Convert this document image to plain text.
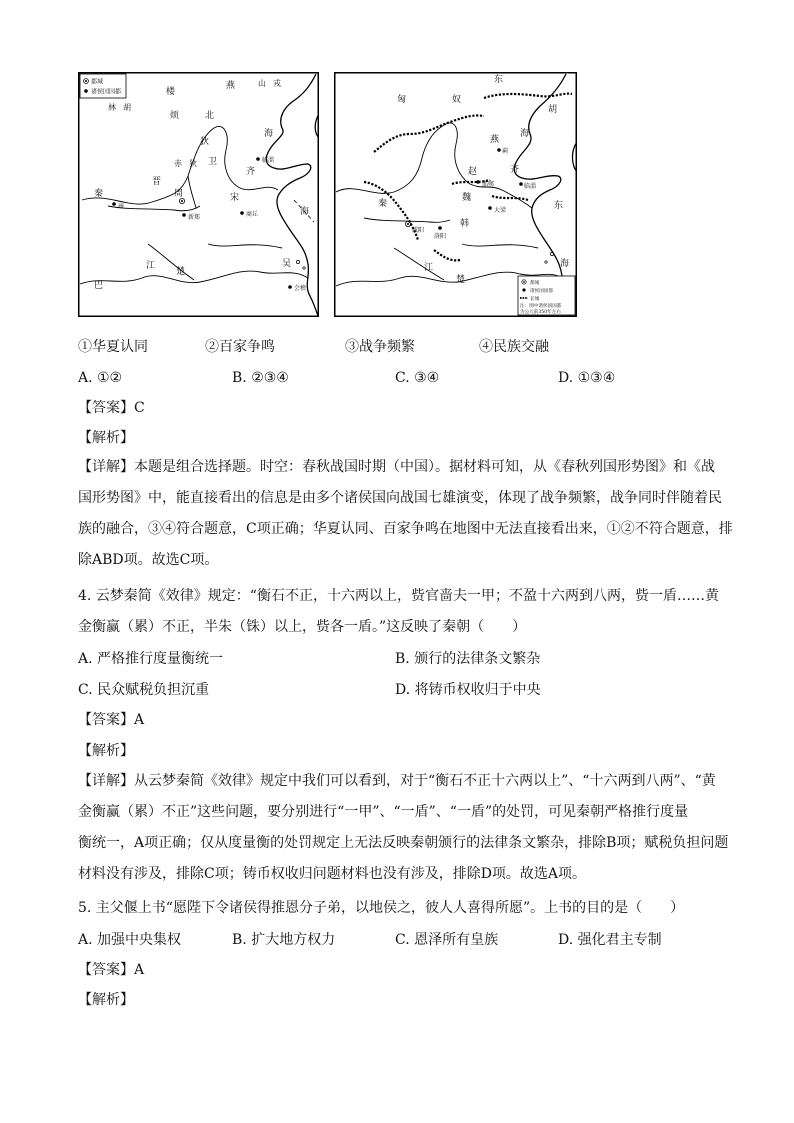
都城
诸侯国国都
山戎
林胡
楼
烦
燕
北
狄
赤狄
晋
卫
齐
临淄
秦
雍
周
新郑
宋
商丘
楚
巴
江
海
海
吴
会稽
匈	奴
东
胡
燕
蓟
赵
邯郸
齐
临淄
魏
大梁
韩
秦
咸阳
洛阳
楚
江
海
东
海
都城
诸侯国国都
长城
注：图中诸侯国国都
为公元前350年左右
①华夏认同	②百家争鸣	③战争频繁	④民族交融
A. ①②	B. ②③④	C. ③④	D. ①③④
【答案】C
【解析】
【详解】本题是组合选择题。时空：春秋战国时期（中国）。据材料可知，从《春秋列国形势图》和《战
国形势图》中，能直接看出的信息是由多个诸侯国向战国七雄演变，体现了战争频繁，战争同时伴随着民
族的融合，③④符合题意，C项正确；华夏认同、百家争鸣在地图中无法直接看出来，①②不符合题意，排
除ABD项。故选C项。
4. 云梦秦简《效律》规定：“衡石不正，十六两以上，赀官啬夫一甲；不盈十六两到八两，赀一盾……黄
金衡赢（累）不正，半朱（铢）以上，赀各一盾。”这反映了秦朝（　　）
A. 严格推行度量衡统一	B. 颁行的法律条文繁杂
C. 民众赋税负担沉重	D. 将铸币权收归于中央
【答案】A
【解析】
【详解】从云梦秦简《效律》规定中我们可以看到，对于“衡石不正十六两以上”、“十六两到八两”、“黄
金衡赢（累）不正”这些问题，要分别进行“一甲”、“一盾”、“一盾”的处罚，可见秦朝严格推行度量
衡统一，A项正确；仅从度量衡的处罚规定上无法反映秦朝颁行的法律条文繁杂，排除B项；赋税负担问题
材料没有涉及，排除C项；铸币权收归问题材料也没有涉及，排除D项。故选A项。
5. 主父偃上书“愿陛下令诸侯得推恩分子弟，以地侯之，彼人人喜得所愿”。上书的目的是（　　）
A. 加强中央集权	B. 扩大地方权力	C. 恩泽所有皇族	D. 强化君主专制
【答案】A
【解析】
